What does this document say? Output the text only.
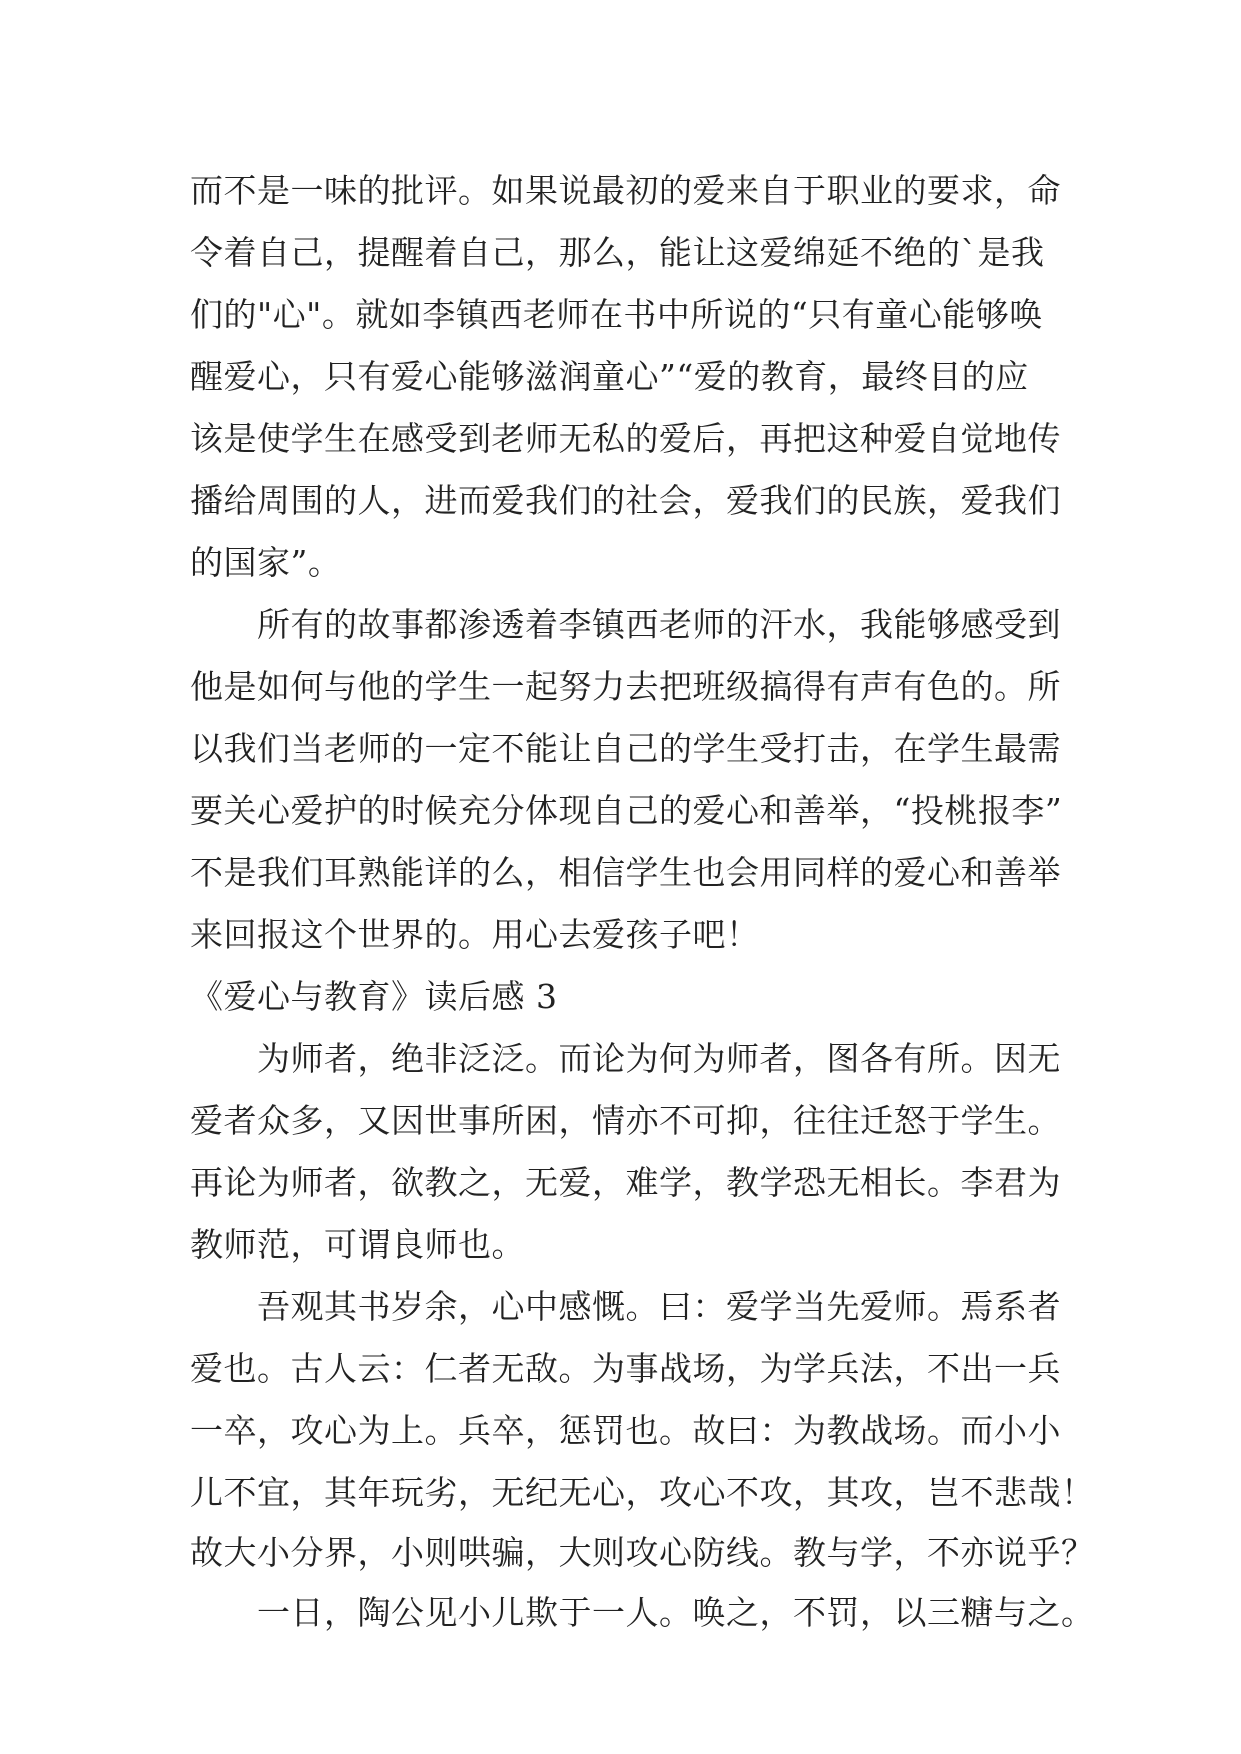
而不是一味的批评。如果说最初的爱来自于职业的要求，命
令着自己，提醒着自己，那么，能让这爱绵延不绝的`是我
们的"心"。就如李镇西老师在书中所说的“只有童心能够唤
醒爱心，只有爱心能够滋润童心”“爱的教育，最终目的应
该是使学生在感受到老师无私的爱后，再把这种爱自觉地传
播给周围的人，进而爱我们的社会，爱我们的民族，爱我们
的国家”。
　　所有的故事都渗透着李镇西老师的汗水，我能够感受到
他是如何与他的学生一起努力去把班级搞得有声有色的。所
以我们当老师的一定不能让自己的学生受打击，在学生最需
要关心爱护的时候充分体现自己的爱心和善举，“投桃报李”
不是我们耳熟能详的么，相信学生也会用同样的爱心和善举
来回报这个世界的。用心去爱孩子吧！
《爱心与教育》读后感 3
　　为师者，绝非泛泛。而论为何为师者，图各有所。因无
爱者众多，又因世事所困，情亦不可抑，往往迁怒于学生。
再论为师者，欲教之，无爱，难学，教学恐无相长。李君为
教师范，可谓良师也。
　　吾观其书岁余，心中感慨。曰：爱学当先爱师。焉系者
爱也。古人云：仁者无敌。为事战场，为学兵法，不出一兵
一卒，攻心为上。兵卒，惩罚也。故曰：为教战场。而小小
儿不宜，其年玩劣，无纪无心，攻心不攻，其攻，岂不悲哉！
故大小分界，小则哄骗，大则攻心防线。教与学，不亦说乎？
　　一日，陶公见小儿欺于一人。唤之，不罚，以三糖与之。
